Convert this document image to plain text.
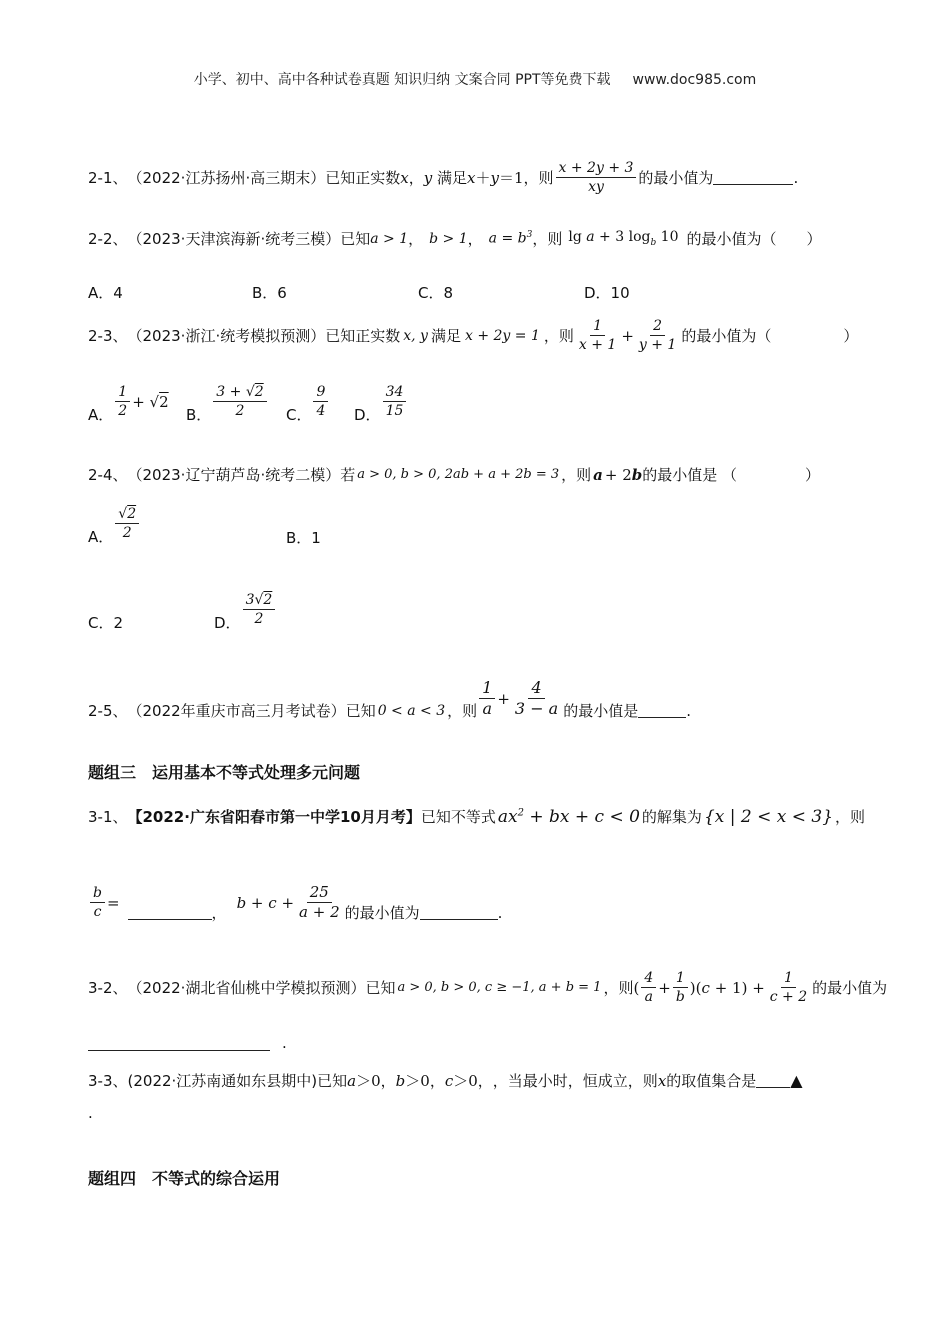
小学、初中、高中各种试卷真题 知识归纳 文案合同 PPT等免费下载 www.doc985.com
2-1、 （2022·江苏扬州·高三期末） 已知正实数 x ， y
满足 x ＋ y ＝1 ，则 $\frac{x + 2y + 3}{xy}$ 的最小值为	.
2-2、 （2023·天津滨海新·统考三模） 已知 a > 1 ， b > 1 ， $a = b^3$ ，则 lg a + 3 $\log_b 10$ 的最小值为（　　）
A．4	B．6	C．8	D．10
2-3、 （2023·浙江·统考模拟预测） 已知正实数 x, y 满足 x + 2y = 1 ，则 $\frac{1}{x + 1} + \frac{2}{y + 1}$ 的最小值为（	）
A． $\frac{1}{2} + √2$
B． $\frac{3 + √2}{2}$ C． $\frac{9}{4}$ D． $\frac{34}{15}$
2-4、 （2023·辽宁葫芦岛·统考二模） 若 a > 0, b > 0, 2ab + a + 2b = 3 ，则 a + 2 b 的最小值是 （	）
A． $\frac{√2}{2}$	B．1
C．2	D． $\frac{3√2}{2}$
2-5、 （2022年重庆市高三月考试卷） 已知 0 < a < 3 ，则 $\frac{1}{a} + \frac{4}{3 - a}$ 的最小值是	.
题组三　运用基本不等式处理多元问题
3-1、 【2022·广东省阳春市第一中学10月月考】 已知不等式 $ax^2$ + bx + c < 0 的解集为 {x | 2 < x < 3} ，则
$\frac{b}{c}$ =
，
$b + c + \frac{25}{a + 2}$ 的最小值为	.
3-2、 （2022·湖北省仙桃中学模拟预测） 已知 a > 0, b > 0, c ≥ −1, a + b = 1 ，则 ( $\frac{4}{a} + \frac{1}{b} )(c + 1) + \frac{1}{c + 2}$ 的最小值为
.
3-3、 (2022·江苏南通如东县期中) 已知 a ＞0， b ＞0， c ＞0 ， ，当最小时，恒成立，则 x 的取值集合是 ▲
.
题组四　不等式的综合运用
